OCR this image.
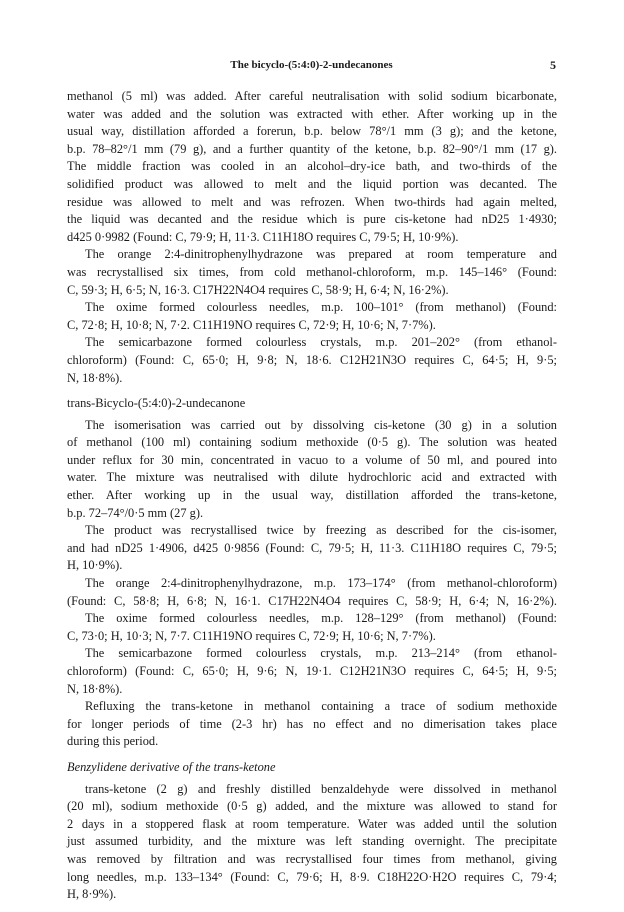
The bicyclo-(5:4:0)-2-undecanones	5
methanol (5 ml) was added. After careful neutralisation with solid sodium bicarbonate,
water was added and the solution was extracted with ether. After working up in the
usual way, distillation afforded a forerun, b.p. below 78°/1 mm (3 g); and the ketone,
b.p. 78–82°/1 mm (79 g), and a further quantity of the ketone, b.p. 82–90°/1 mm (17 g).
The middle fraction was cooled in an alcohol–dry-ice bath, and two-thirds of the
solidified product was allowed to melt and the liquid portion was decanted. The
residue was allowed to melt and was refrozen. When two-thirds had again melted,
the liquid was decanted and the residue which is pure cis-ketone had nD25 1·4930;
d425 0·9982 (Found: C, 79·9; H, 11·3. C11H18O requires C, 79·5; H, 10·9%).
The orange 2:4-dinitrophenylhydrazone was prepared at room temperature and
was recrystallised six times, from cold methanol-chloroform, m.p. 145–146° (Found:
C, 59·3; H, 6·5; N, 16·3. C17H22N4O4 requires C, 58·9; H, 6·4; N, 16·2%).
The oxime formed colourless needles, m.p. 100–101° (from methanol) (Found:
C, 72·8; H, 10·8; N, 7·2. C11H19NO requires C, 72·9; H, 10·6; N, 7·7%).
The semicarbazone formed colourless crystals, m.p. 201–202° (from ethanol-
chloroform) (Found: C, 65·0; H, 9·8; N, 18·6. C12H21N3O requires C, 64·5; H, 9·5;
N, 18·8%).
trans-Bicyclo-(5:4:0)-2-undecanone
The isomerisation was carried out by dissolving cis-ketone (30 g) in a solution
of methanol (100 ml) containing sodium methoxide (0·5 g). The solution was heated
under reflux for 30 min, concentrated in vacuo to a volume of 50 ml, and poured into
water. The mixture was neutralised with dilute hydrochloric acid and extracted with
ether. After working up in the usual way, distillation afforded the trans-ketone,
b.p. 72–74°/0·5 mm (27 g).
The product was recrystallised twice by freezing as described for the cis-isomer,
and had nD25 1·4906, d425 0·9856 (Found: C, 79·5; H, 11·3. C11H18O requires C, 79·5;
H, 10·9%).
The orange 2:4-dinitrophenylhydrazone, m.p. 173–174° (from methanol-chloroform)
(Found: C, 58·8; H, 6·8; N, 16·1. C17H22N4O4 requires C, 58·9; H, 6·4; N, 16·2%).
The oxime formed colourless needles, m.p. 128–129° (from methanol) (Found:
C, 73·0; H, 10·3; N, 7·7. C11H19NO requires C, 72·9; H, 10·6; N, 7·7%).
The semicarbazone formed colourless crystals, m.p. 213–214° (from ethanol-
chloroform) (Found: C, 65·0; H, 9·6; N, 19·1. C12H21N3O requires C, 64·5; H, 9·5;
N, 18·8%).
Refluxing the trans-ketone in methanol containing a trace of sodium methoxide
for longer periods of time (2-3 hr) has no effect and no dimerisation takes place
during this period.
Benzylidene derivative of the trans-ketone
trans-ketone (2 g) and freshly distilled benzaldehyde were dissolved in methanol
(20 ml), sodium methoxide (0·5 g) added, and the mixture was allowed to stand for
2 days in a stoppered flask at room temperature. Water was added until the solution
just assumed turbidity, and the mixture was left standing overnight. The precipitate
was removed by filtration and was recrystallised four times from methanol, giving
long needles, m.p. 133–134° (Found: C, 79·6; H, 8·9. C18H22O·H2O requires C, 79·4;
H, 8·9%).
